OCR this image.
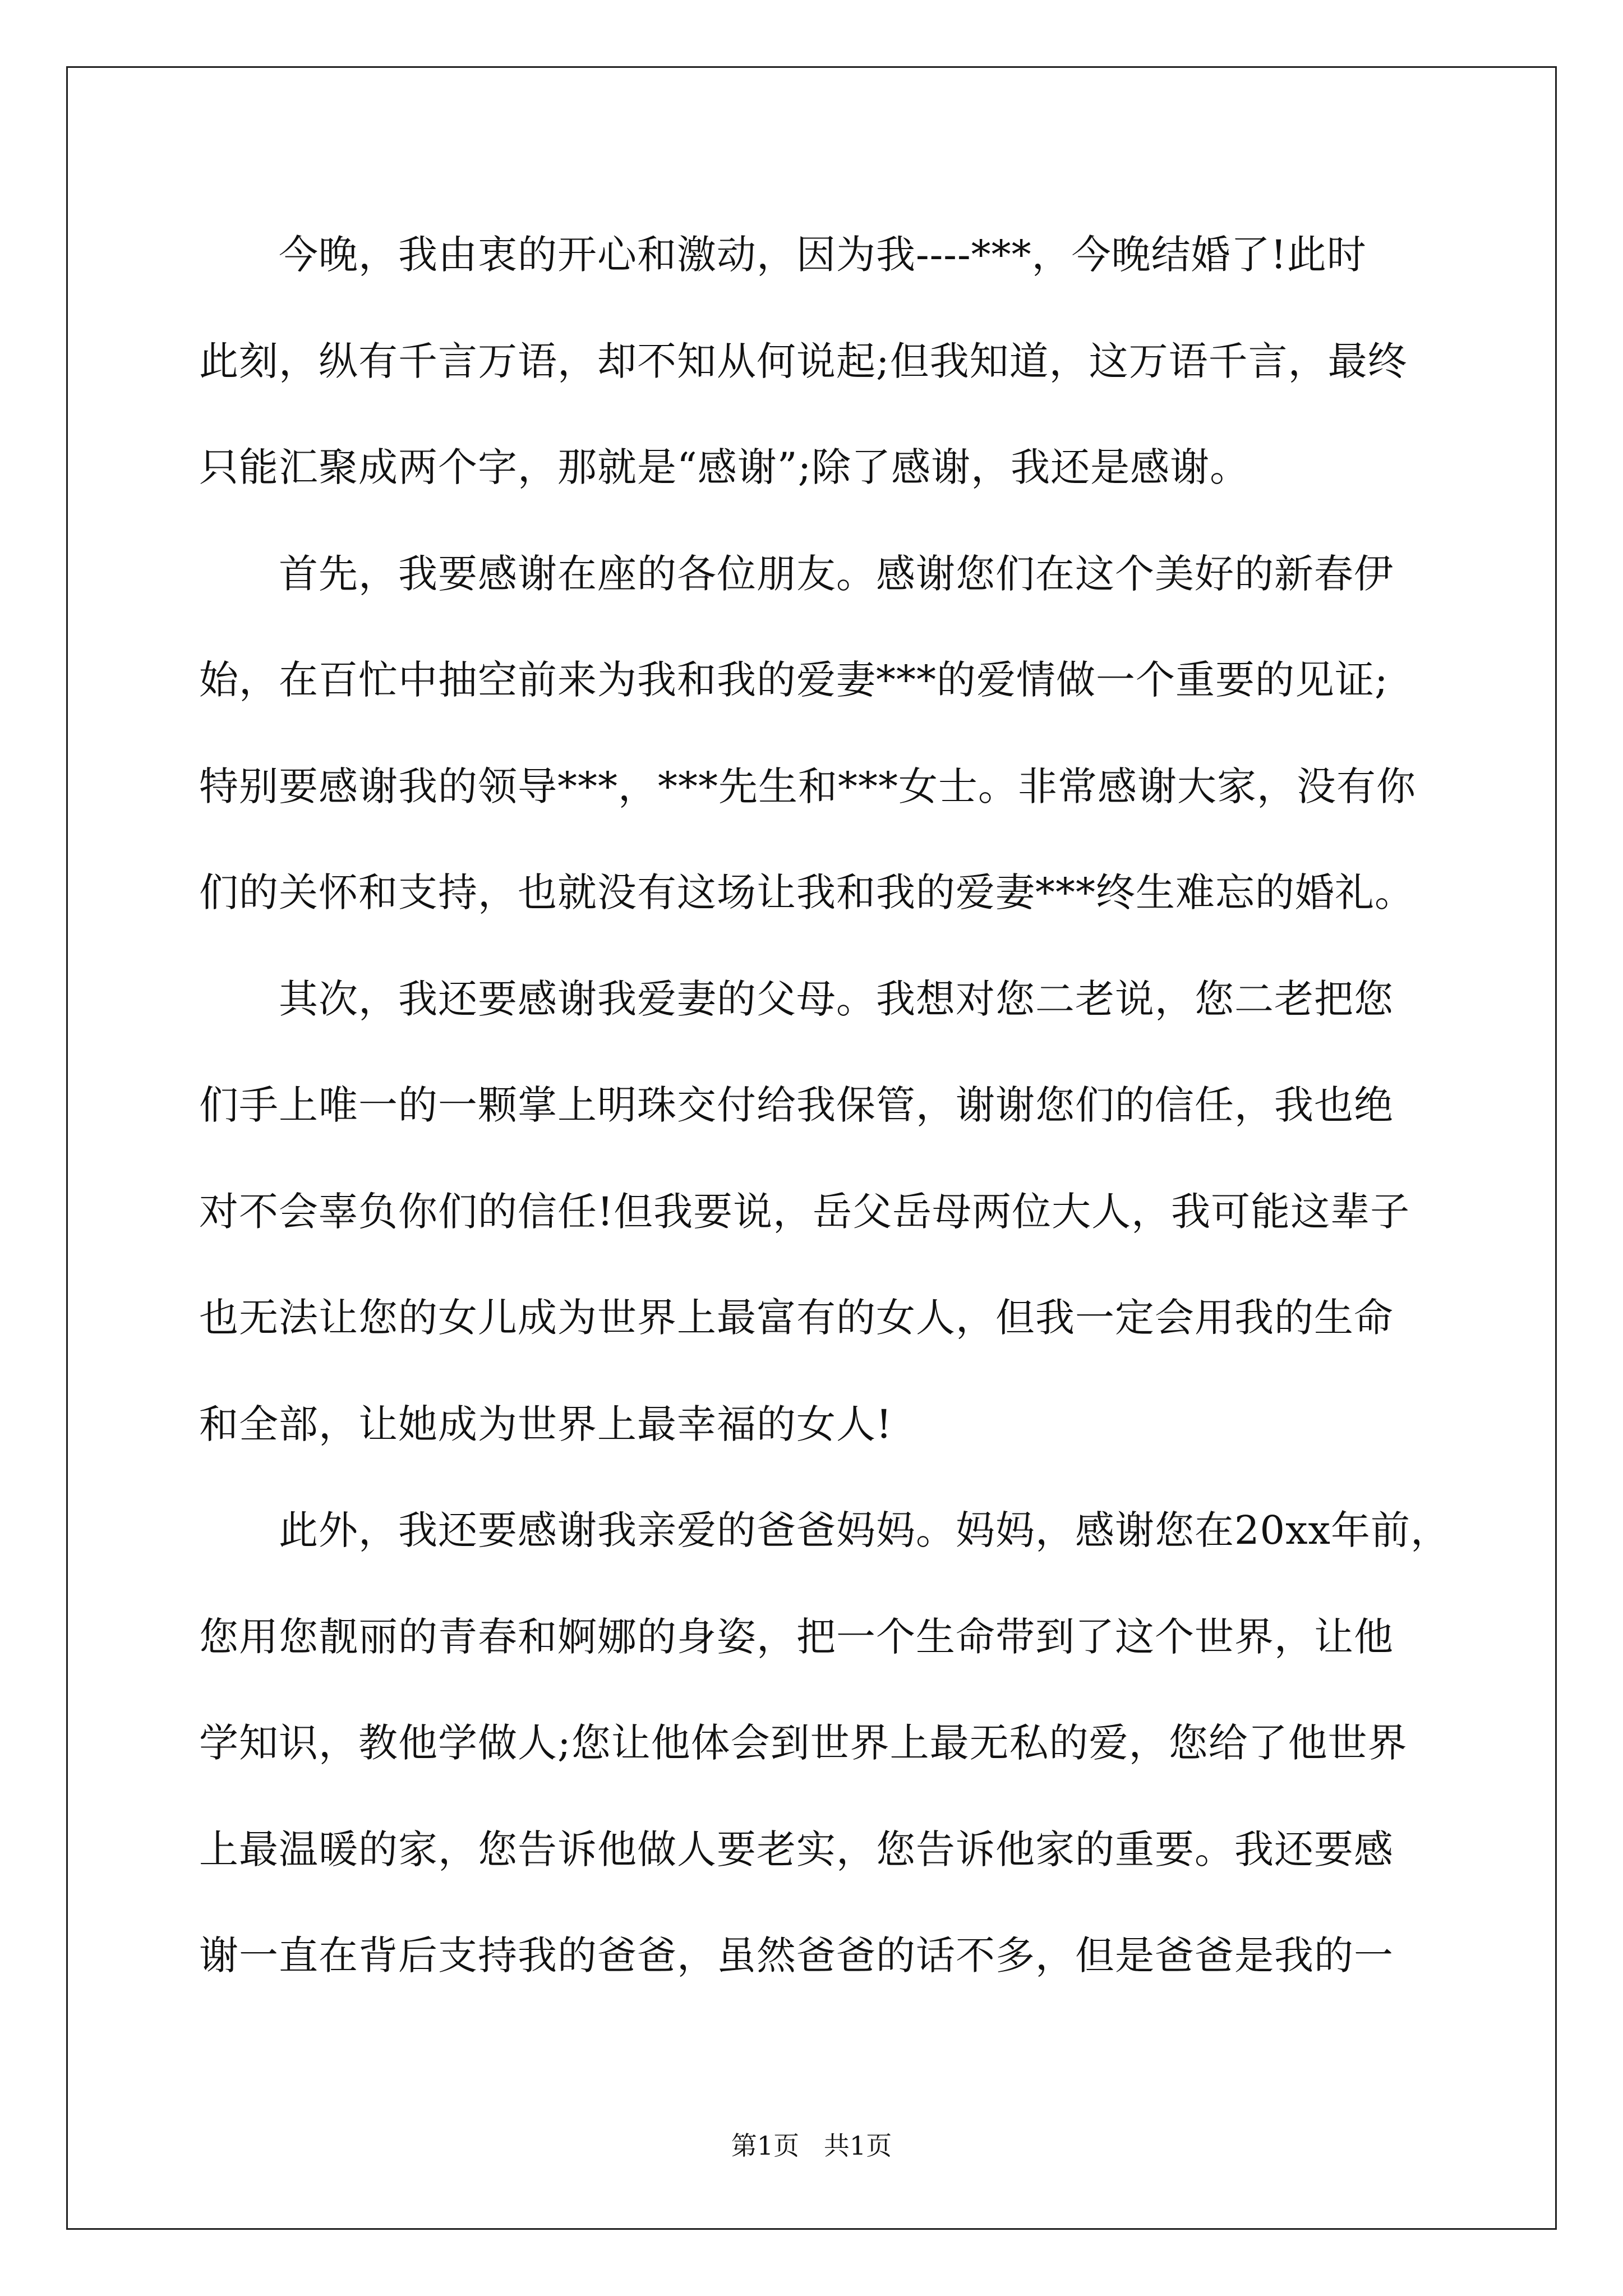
　　今晚，我由衷的开心和激动，因为我----***，今晚结婚了!此时
此刻，纵有千言万语，却不知从何说起;但我知道，这万语千言，最终
只能汇聚成两个字，那就是“感谢”;除了感谢，我还是感谢。
　　首先，我要感谢在座的各位朋友。感谢您们在这个美好的新春伊
始，在百忙中抽空前来为我和我的爱妻***的爱情做一个重要的见证;
特别要感谢我的领导***，***先生和***女士。非常感谢大家，没有你
们的关怀和支持，也就没有这场让我和我的爱妻***终生难忘的婚礼。
　　其次，我还要感谢我爱妻的父母。我想对您二老说，您二老把您
们手上唯一的一颗掌上明珠交付给我保管，谢谢您们的信任，我也绝
对不会辜负你们的信任!但我要说，岳父岳母两位大人，我可能这辈子
也无法让您的女儿成为世界上最富有的女人，但我一定会用我的生命
和全部，让她成为世界上最幸福的女人!
　　此外，我还要感谢我亲爱的爸爸妈妈。妈妈，感谢您在20xx年前，
您用您靓丽的青春和婀娜的身姿，把一个生命带到了这个世界，让他
学知识，教他学做人;您让他体会到世界上最无私的爱，您给了他世界
上最温暖的家，您告诉他做人要老实，您告诉他家的重要。我还要感
谢一直在背后支持我的爸爸，虽然爸爸的话不多，但是爸爸是我的一
第1页   共1页
